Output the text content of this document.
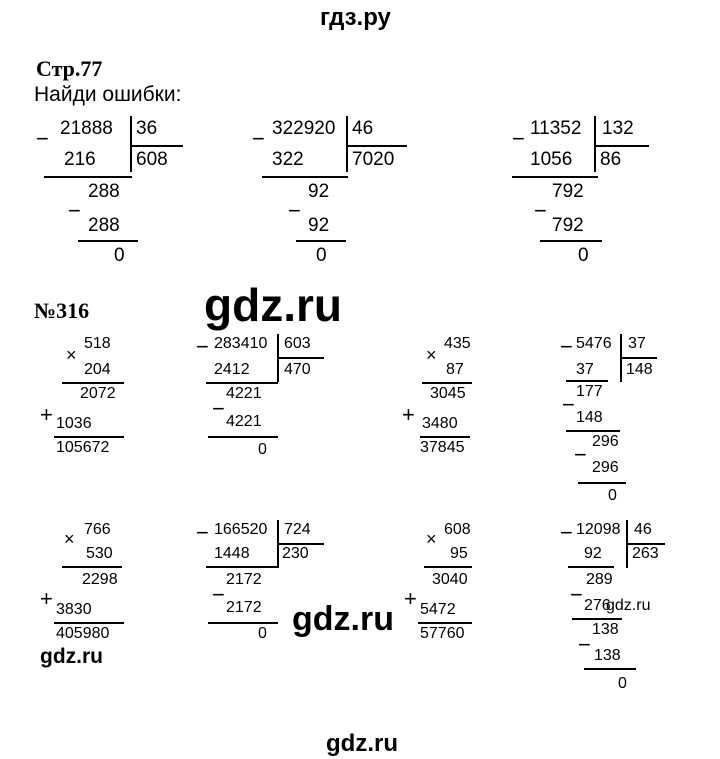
гдз.ру
gdz.ru
gdz.ru
gdz.ru
gdz.ru
gdz.ru
Стр.77
Найди ошибки:
− 21888 36
608
216
288
−
288
0
− 322920 46
7020
322
92
−
92
0
− 11352 132
86
1056
792
−
792
0
№316
518
×
204
2072
+ 1036
105672
− 283410 603
470
2412
4221
−
4221
0
435
×
87
3045
+ 3480
37845
− 5476 37
148
37
177
−
148
296
−
296
0
766
×
530
2298
+ 3830
405980
− 166520 724
230
1448
2172
−
2172
0
608
×
95
3040
+ 5472
57760
− 12098 46
263
92
289
− 276
138
− 138
0
